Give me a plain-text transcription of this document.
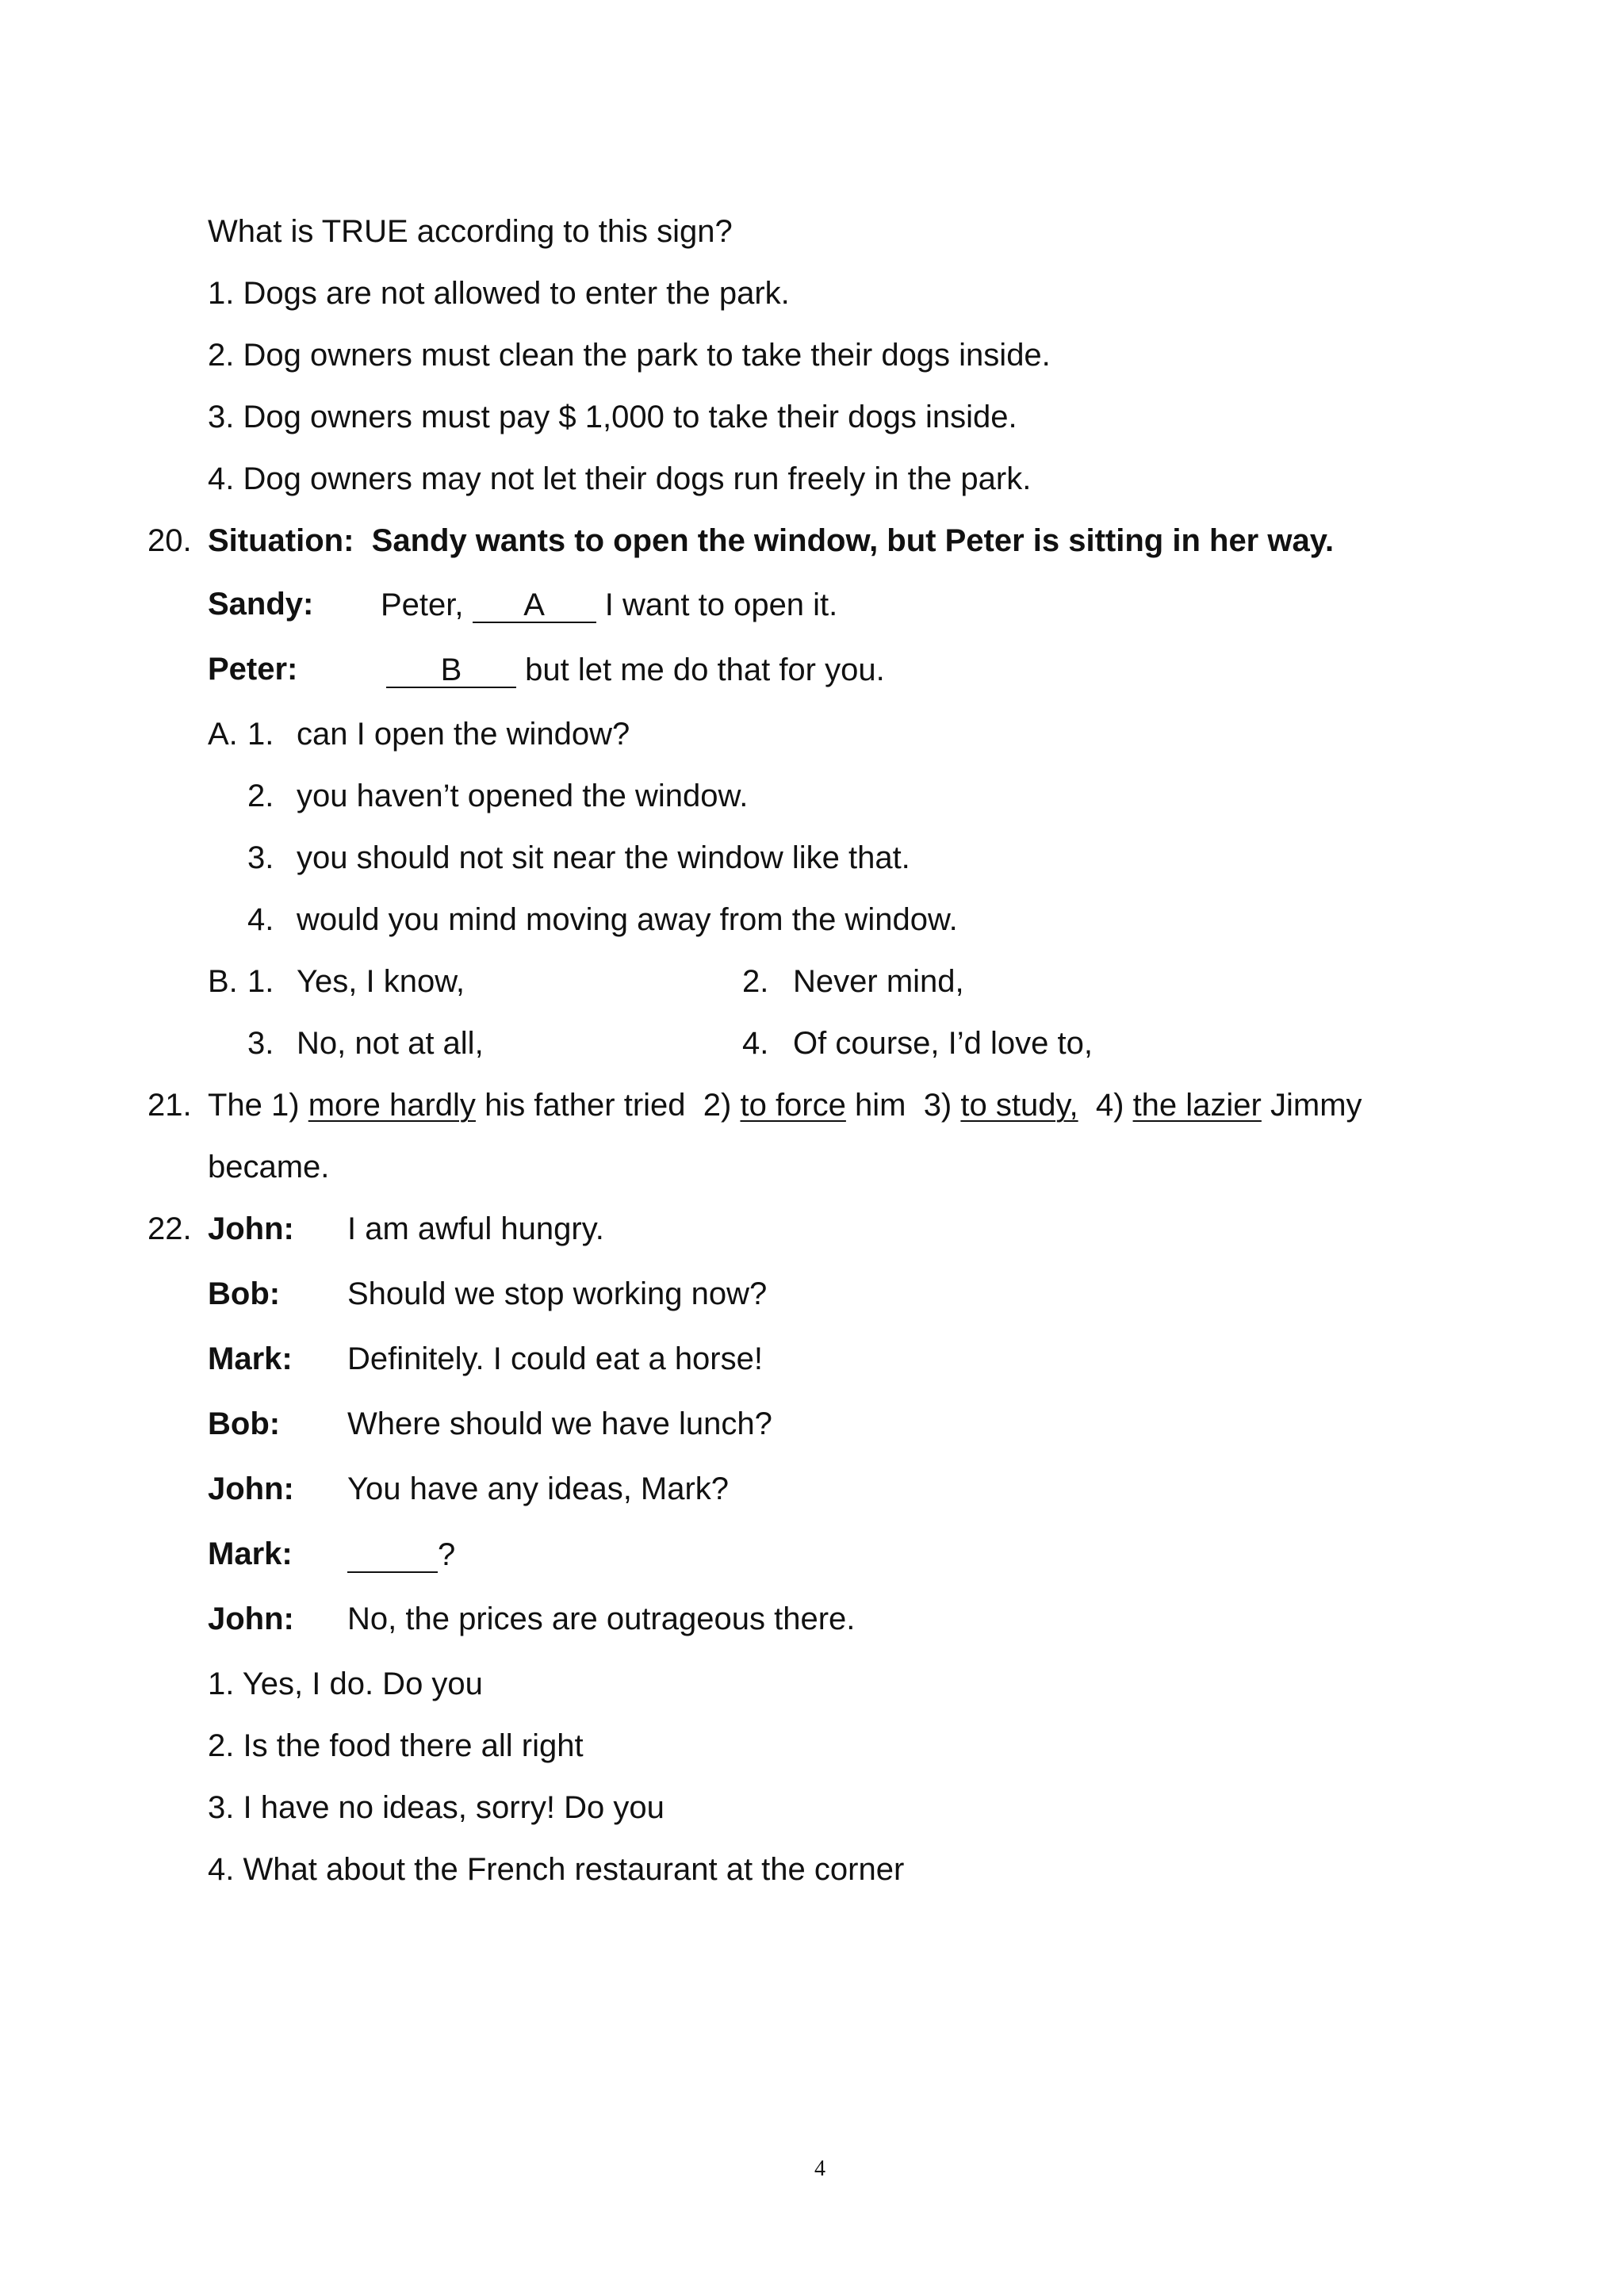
What is TRUE according to this sign?
1. Dogs are not allowed to enter the park.
2. Dog owners must clean the park to take their dogs inside.
3. Dog owners must pay $ 1,000 to take their dogs inside.
4. Dog owners may not let their dogs run freely in the park.
20. Situation: Sandy wants to open the window, but Peter is sitting in her way.
Sandy: Peter, A I want to open it.
Peter:	B but let me do that for you.
A. 1. can I open the window?
2. you haven’t opened the window.
3. you should not sit near the window like that.
4. would you mind moving away from the window.
B. 1. Yes, I know,	2. Never mind,
3. No, not at all,	4. Of course, I’d love to,
21. The 1) more hardly his father tried 2) to force him 3) to study, 4) the lazier Jimmy
became.
22. John: I am awful hungry.
Bob: Should we stop working now?
Mark: Definitely. I could eat a horse!
Bob: Where should we have lunch?
John: You have any ideas, Mark?
Mark:	?
John: No, the prices are outrageous there.
1. Yes, I do. Do you
2. Is the food there all right
3. I have no ideas, sorry! Do you
4. What about the French restaurant at the corner
4
